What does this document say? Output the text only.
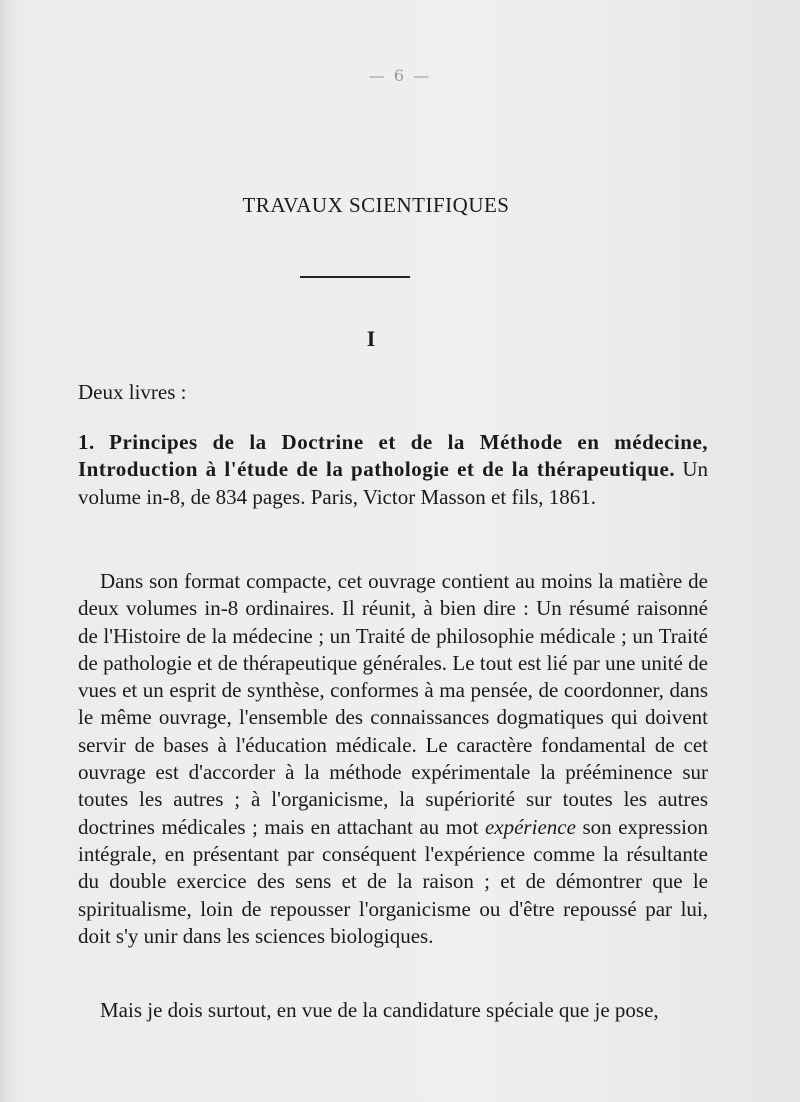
— 6 —
TRAVAUX SCIENTIFIQUES
I
Deux livres :
1. Principes de la Doctrine et de la Méthode en médecine, Introduction à l'étude de la pathologie et de la thérapeutique. Un volume in-8, de 834 pages. Paris, Victor Masson et fils, 1861.
Dans son format compacte, cet ouvrage contient au moins la matière de deux volumes in-8 ordinaires. Il réunit, à bien dire : Un résumé raisonné de l'Histoire de la médecine ; un Traité de philosophie médicale ; un Traité de pathologie et de thérapeutique générales. Le tout est lié par une unité de vues et un esprit de synthèse, conformes à ma pensée, de coordonner, dans le même ouvrage, l'ensemble des connaissances dogmatiques qui doivent servir de bases à l'éducation médicale. Le caractère fondamental de cet ouvrage est d'accorder à la méthode expérimentale la prééminence sur toutes les autres ; à l'organicisme, la supériorité sur toutes les autres doctrines médicales ; mais en attachant au mot expérience son expression intégrale, en présentant par conséquent l'expérience comme la résultante du double exercice des sens et de la raison ; et de démontrer que le spiritualisme, loin de repousser l'organicisme ou d'être repoussé par lui, doit s'y unir dans les sciences biologiques.
Mais je dois surtout, en vue de la candidature spéciale que je pose,
